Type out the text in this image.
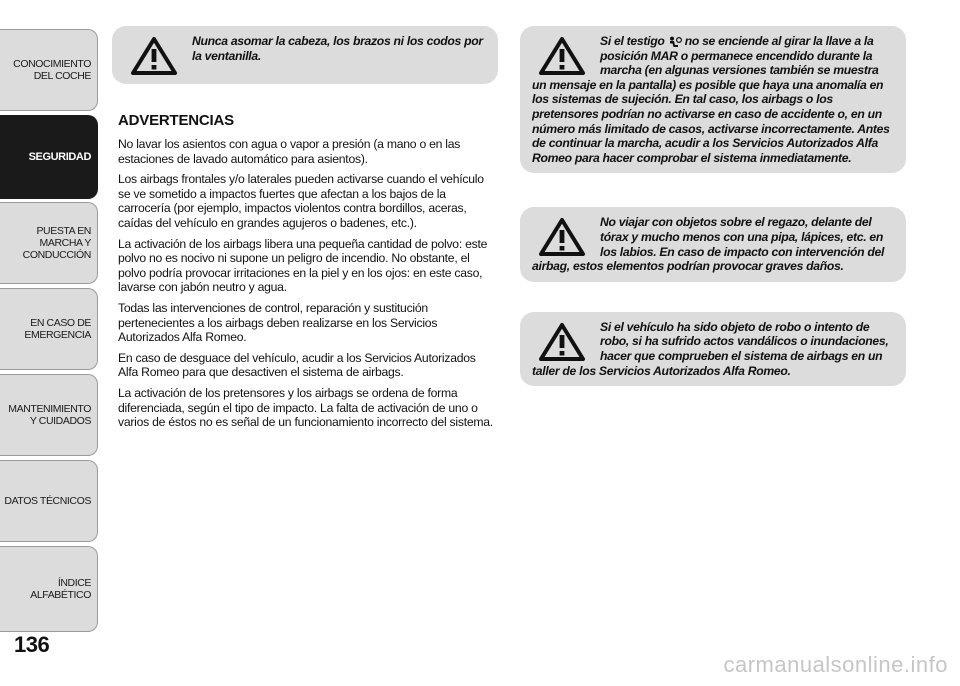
CONOCIMIENTO DEL COCHE
SEGURIDAD
PUESTA EN MARCHA Y CONDUCCIÓN
EN CASO DE EMERGENCIA
MANTENIMIENTO Y CUIDADOS
DATOS TÉCNICOS
ÍNDICE ALFABÉTICO
136
Nunca asomar la cabeza, los brazos ni los codos por la ventanilla.
ADVERTENCIAS

No lavar los asientos con agua o vapor a presión (a mano o en las estaciones de lavado automático para asientos).

Los airbags frontales y/o laterales pueden activarse cuando el vehículo se ve sometido a impactos fuertes que afectan a los bajos de la carrocería (por ejemplo, impactos violentos contra bordillos, aceras, caídas del vehículo en grandes agujeros o badenes, etc.).

La activación de los airbags libera una pequeña cantidad de polvo: este polvo no es nocivo ni supone un peligro de incendio. No obstante, el polvo podría provocar irritaciones en la piel y en los ojos: en este caso, lavarse con jabón neutro y agua.

Todas las intervenciones de control, reparación y sustitución pertenecientes a los airbags deben realizarse en los Servicios Autorizados Alfa Romeo.

En caso de desguace del vehículo, acudir a los Servicios Autorizados Alfa Romeo para que desactiven el sistema de airbags.

La activación de los pretensores y los airbags se ordena de forma diferenciada, según el tipo de impacto. La falta de activación de uno o varios de éstos no es señal de un funcionamiento incorrecto del sistema.

Si el testigo no se enciende al girar la llave a la posición MAR o permanece encendido durante la marcha (en algunas versiones también se muestra un mensaje en la pantalla) es posible que haya una anomalía en los sistemas de sujeción. En tal caso, los airbags o los pretensores podrían no activarse en caso de accidente o, en un número más limitado de casos, activarse incorrectamente. Antes de continuar la marcha, acudir a los Servicios Autorizados Alfa Romeo para hacer comprobar el sistema inmediatamente.
No viajar con objetos sobre el regazo, delante del tórax y mucho menos con una pipa, lápices, etc. en los labios. En caso de impacto con intervención del airbag, estos elementos podrían provocar graves daños.
Si el vehículo ha sido objeto de robo o intento de robo, si ha sufrido actos vandálicos o inundaciones, hacer que comprueben el sistema de airbags en un taller de los Servicios Autorizados Alfa Romeo.
carmanualsonline.info
